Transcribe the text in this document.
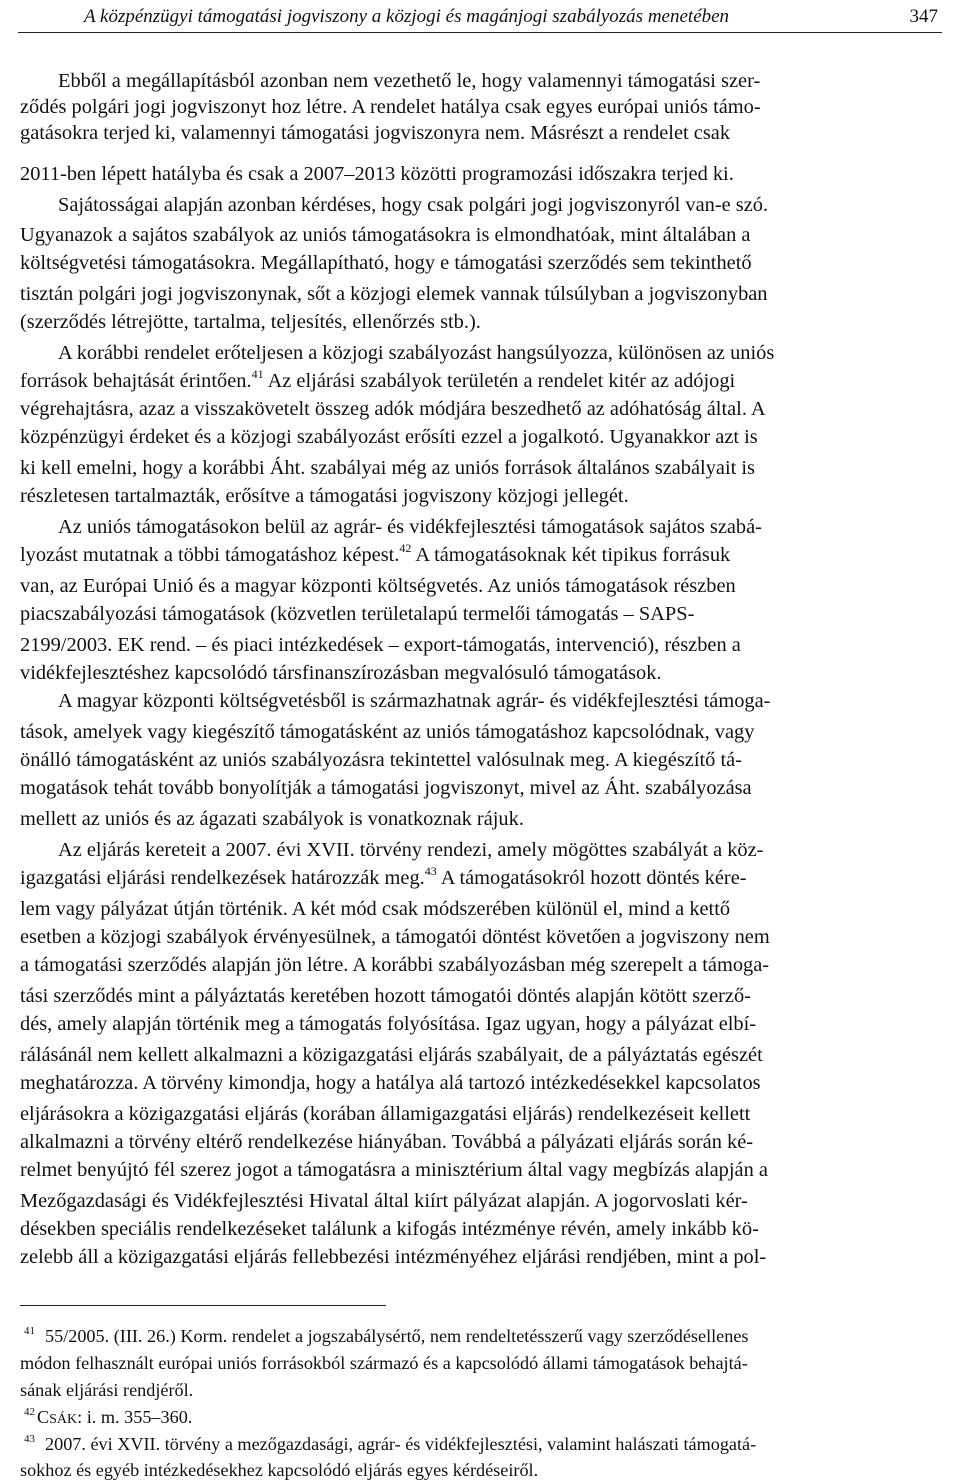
A közpénzügyi támogatási jogviszony a közjogi és magánjogi szabályozás menetében	347
Ebből a megállapításból azonban nem vezethető le, hogy valamennyi támogatási szer-
ződés polgári jogi jogviszonyt hoz létre. A rendelet hatálya csak egyes európai uniós támo-
gatásokra terjed ki, valamennyi támogatási jogviszonyra nem. Másrészt a rendelet csak
2011-ben lépett hatályba és csak a 2007–2013 közötti programozási időszakra terjed ki.
Sajátosságai alapján azonban kérdéses, hogy csak polgári jogi jogviszonyról van-e szó.
Ugyanazok a sajátos szabályok az uniós támogatásokra is elmondhatóak, mint általában a
költségvetési támogatásokra. Megállapítható, hogy e támogatási szerződés sem tekinthető
tisztán polgári jogi jogviszonynak, sőt a közjogi elemek vannak túlsúlyban a jogviszonyban
(szerződés létrejötte, tartalma, teljesítés, ellenőrzés stb.).
A korábbi rendelet erőteljesen a közjogi szabályozást hangsúlyozza, különösen az uniós
források behajtását érintően.$^{41}$ Az eljárási szabályok területén a rendelet kitér az adójogi
végrehajtásra, azaz a visszakövetelt összeg adók módjára beszedhető az adóhatóság által. A
közpénzügyi érdeket és a közjogi szabályozást erősíti ezzel a jogalkotó. Ugyanakkor azt is
ki kell emelni, hogy a korábbi Áht. szabályai még az uniós források általános szabályait is
részletesen tartalmazták, erősítve a támogatási jogviszony közjogi jellegét.
Az uniós támogatásokon belül az agrár- és vidékfejlesztési támogatások sajátos szabá-
lyozást mutatnak a többi támogatáshoz képest.$^{42}$ A támogatásoknak két tipikus forrásuk
van, az Európai Unió és a magyar központi költségvetés. Az uniós támogatások részben
piacszabályozási támogatások (közvetlen területalapú termelői támogatás – SAPS-
2199/2003. EK rend. – és piaci intézkedések – export-támogatás, intervenció), részben a
vidékfejlesztéshez kapcsolódó társfinanszírozásban megvalósuló támogatások.
A magyar központi költségvetésből is származhatnak agrár- és vidékfejlesztési támoga-
tások, amelyek vagy kiegészítő támogatásként az uniós támogatáshoz kapcsolódnak, vagy
önálló támogatásként az uniós szabályozásra tekintettel valósulnak meg. A kiegészítő tá-
mogatások tehát tovább bonyolítják a támogatási jogviszonyt, mivel az Áht. szabályozása
mellett az uniós és az ágazati szabályok is vonatkoznak rájuk.
Az eljárás kereteit a 2007. évi XVII. törvény rendezi, amely mögöttes szabályát a köz-
igazgatási eljárási rendelkezések határozzák meg.$^{43}$ A támogatásokról hozott döntés kére-
lem vagy pályázat útján történik. A két mód csak módszerében különül el, mind a kettő
esetben a közjogi szabályok érvényesülnek, a támogatói döntést követően a jogviszony nem
a támogatási szerződés alapján jön létre. A korábbi szabályozásban még szerepelt a támoga-
tási szerződés mint a pályáztatás keretében hozott támogatói döntés alapján kötött szerző-
dés, amely alapján történik meg a támogatás folyósítása. Igaz ugyan, hogy a pályázat elbí-
rálásánál nem kellett alkalmazni a közigazgatási eljárás szabályait, de a pályáztatás egészét
meghatározza. A törvény kimondja, hogy a hatálya alá tartozó intézkedésekkel kapcsolatos
eljárásokra a közigazgatási eljárás (korában államigazgatási eljárás) rendelkezéseit kellett
alkalmazni a törvény eltérő rendelkezése hiányában. Továbbá a pályázati eljárás során ké-
relmet benyújtó fél szerez jogot a támogatásra a minisztérium által vagy megbízás alapján a
Mezőgazdasági és Vidékfejlesztési Hivatal által kiírt pályázat alapján. A jogorvoslati kér-
désekben speciális rendelkezéseket találunk a kifogás intézménye révén, amely inkább kö-
zelebb áll a közigazgatási eljárás fellebbezési intézményéhez eljárási rendjében, mint a pol-
$^{41}$ 55/2005. (III. 26.) Korm. rendelet a jogszabálysértő, nem rendeltetésszerű vagy szerződésellenes
módon felhasznált európai uniós forrásokból származó és a kapcsolódó állami támogatások behajtá-
sának eljárási rendjéről.
$^{42}$ CSÁK: i. m. 355–360.
$^{43}$ 2007. évi XVII. törvény a mezőgazdasági, agrár- és vidékfejlesztési, valamint halászati támogatá-
sokhoz és egyéb intézkedésekhez kapcsolódó eljárás egyes kérdéseiről.
